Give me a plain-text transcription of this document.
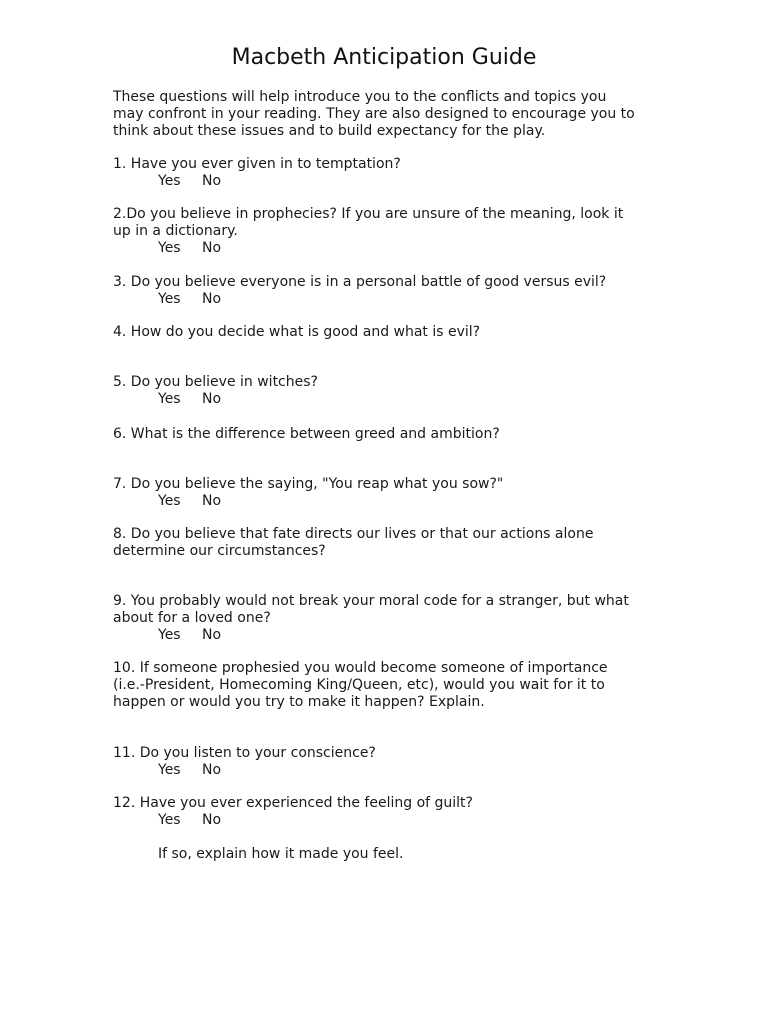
Macbeth Anticipation Guide
These questions will help introduce you to the conflicts and topics you
may confront in your reading. They are also designed to encourage you to
think about these issues and to build expectancy for the play.
1. Have you ever given in to temptation?
Yes No
2.Do you believe in prophecies? If you are unsure of the meaning, look it
up in a dictionary.
Yes No
3. Do you believe everyone is in a personal battle of good versus evil?
Yes No
4. How do you decide what is good and what is evil?
5. Do you believe in witches?
Yes No
6. What is the difference between greed and ambition?
7. Do you believe the saying, "You reap what you sow?"
Yes No
8. Do you believe that fate directs our lives or that our actions alone
determine our circumstances?
9. You probably would not break your moral code for a stranger, but what
about for a loved one?
Yes No
10. If someone prophesied you would become someone of importance
(i.e.-President, Homecoming King/Queen, etc), would you wait for it to
happen or would you try to make it happen? Explain.
11. Do you listen to your conscience?
Yes No
12. Have you ever experienced the feeling of guilt?
Yes No
If so, explain how it made you feel.
